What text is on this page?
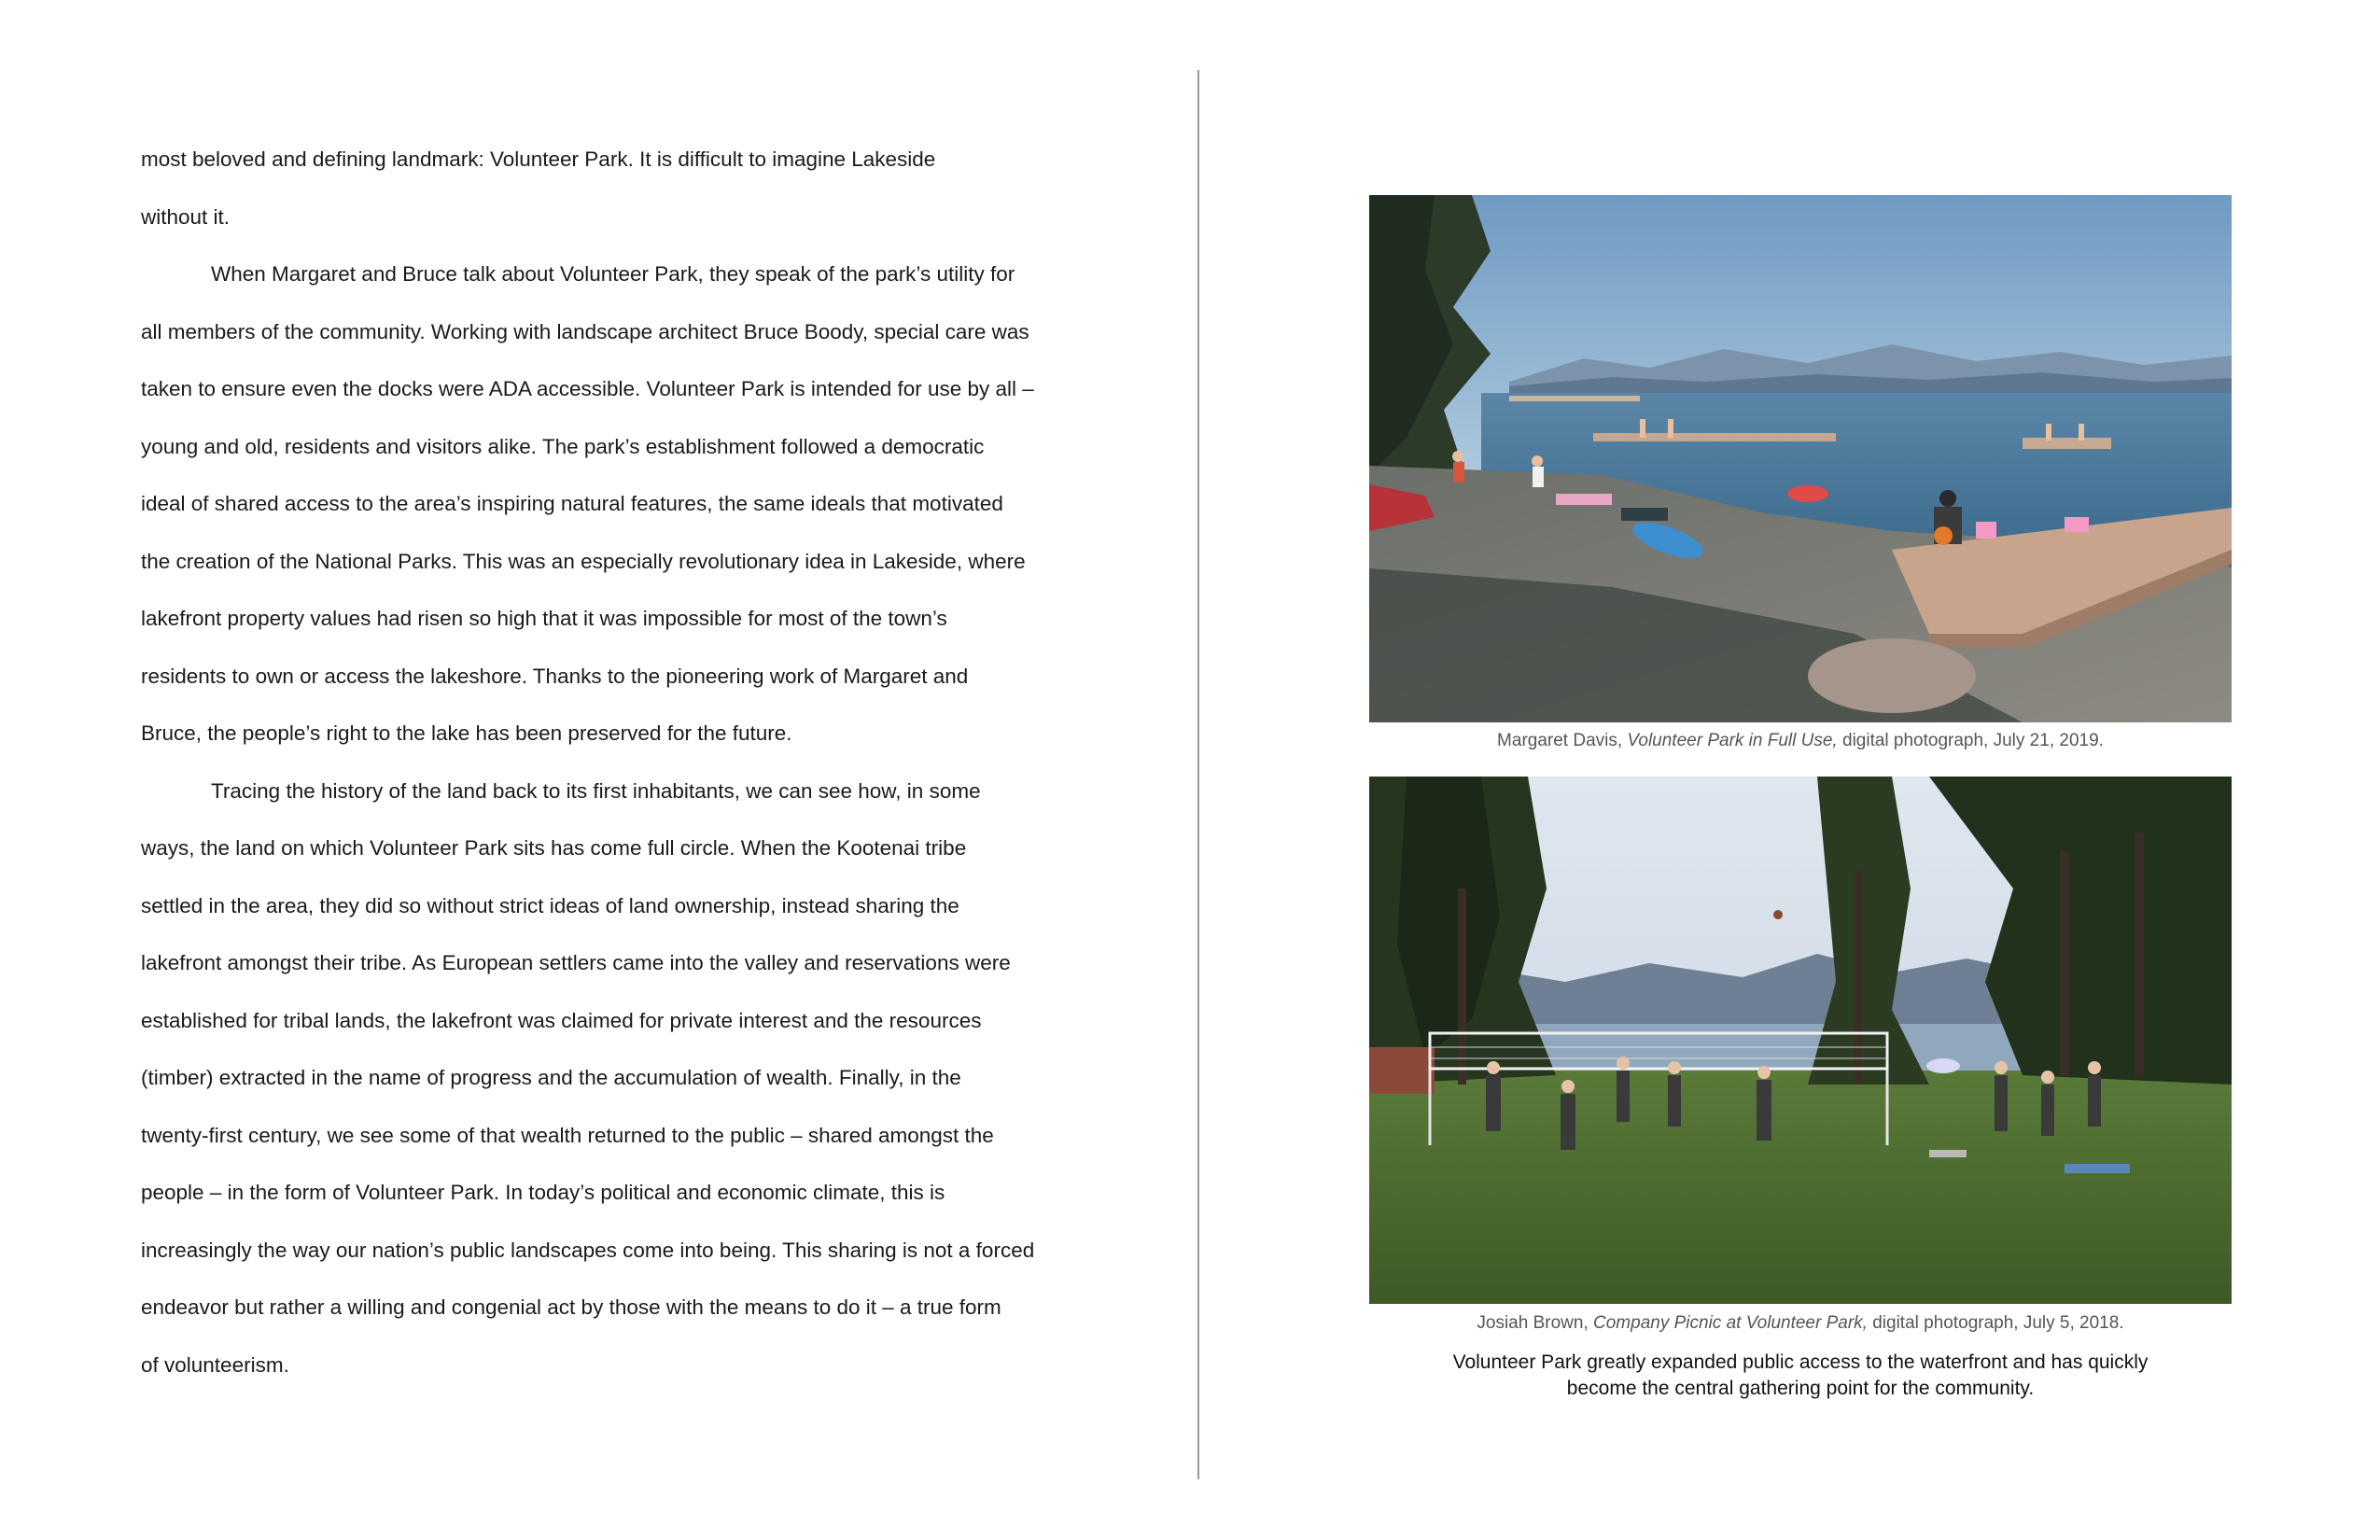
most beloved and defining landmark: Volunteer Park. It is difficult to imagine Lakeside
without it.
When Margaret and Bruce talk about Volunteer Park, they speak of the park’s utility for
all members of the community. Working with landscape architect Bruce Boody, special care was
taken to ensure even the docks were ADA accessible. Volunteer Park is intended for use by all –
young and old, residents and visitors alike. The park’s establishment followed a democratic
ideal of shared access to the area’s inspiring natural features, the same ideals that motivated
the creation of the National Parks. This was an especially revolutionary idea in Lakeside, where
lakefront property values had risen so high that it was impossible for most of the town’s
residents to own or access the lakeshore. Thanks to the pioneering work of Margaret and
Bruce, the people’s right to the lake has been preserved for the future.
Tracing the history of the land back to its first inhabitants, we can see how, in some
ways, the land on which Volunteer Park sits has come full circle. When the Kootenai tribe
settled in the area, they did so without strict ideas of land ownership, instead sharing the
lakefront amongst their tribe. As European settlers came into the valley and reservations were
established for tribal lands, the lakefront was claimed for private interest and the resources
(timber) extracted in the name of progress and the accumulation of wealth. Finally, in the
twenty-first century, we see some of that wealth returned to the public – shared amongst the
people – in the form of Volunteer Park. In today’s political and economic climate, this is
increasingly the way our nation’s public landscapes come into being. This sharing is not a forced
endeavor but rather a willing and congenial act by those with the means to do it – a true form
of volunteerism.
Margaret Davis, Volunteer Park in Full Use, digital photograph, July 21, 2019.
Josiah Brown, Company Picnic at Volunteer Park, digital photograph, July 5, 2018.
Volunteer Park greatly expanded public access to the waterfront and has quickly
become the central gathering point for the community.
